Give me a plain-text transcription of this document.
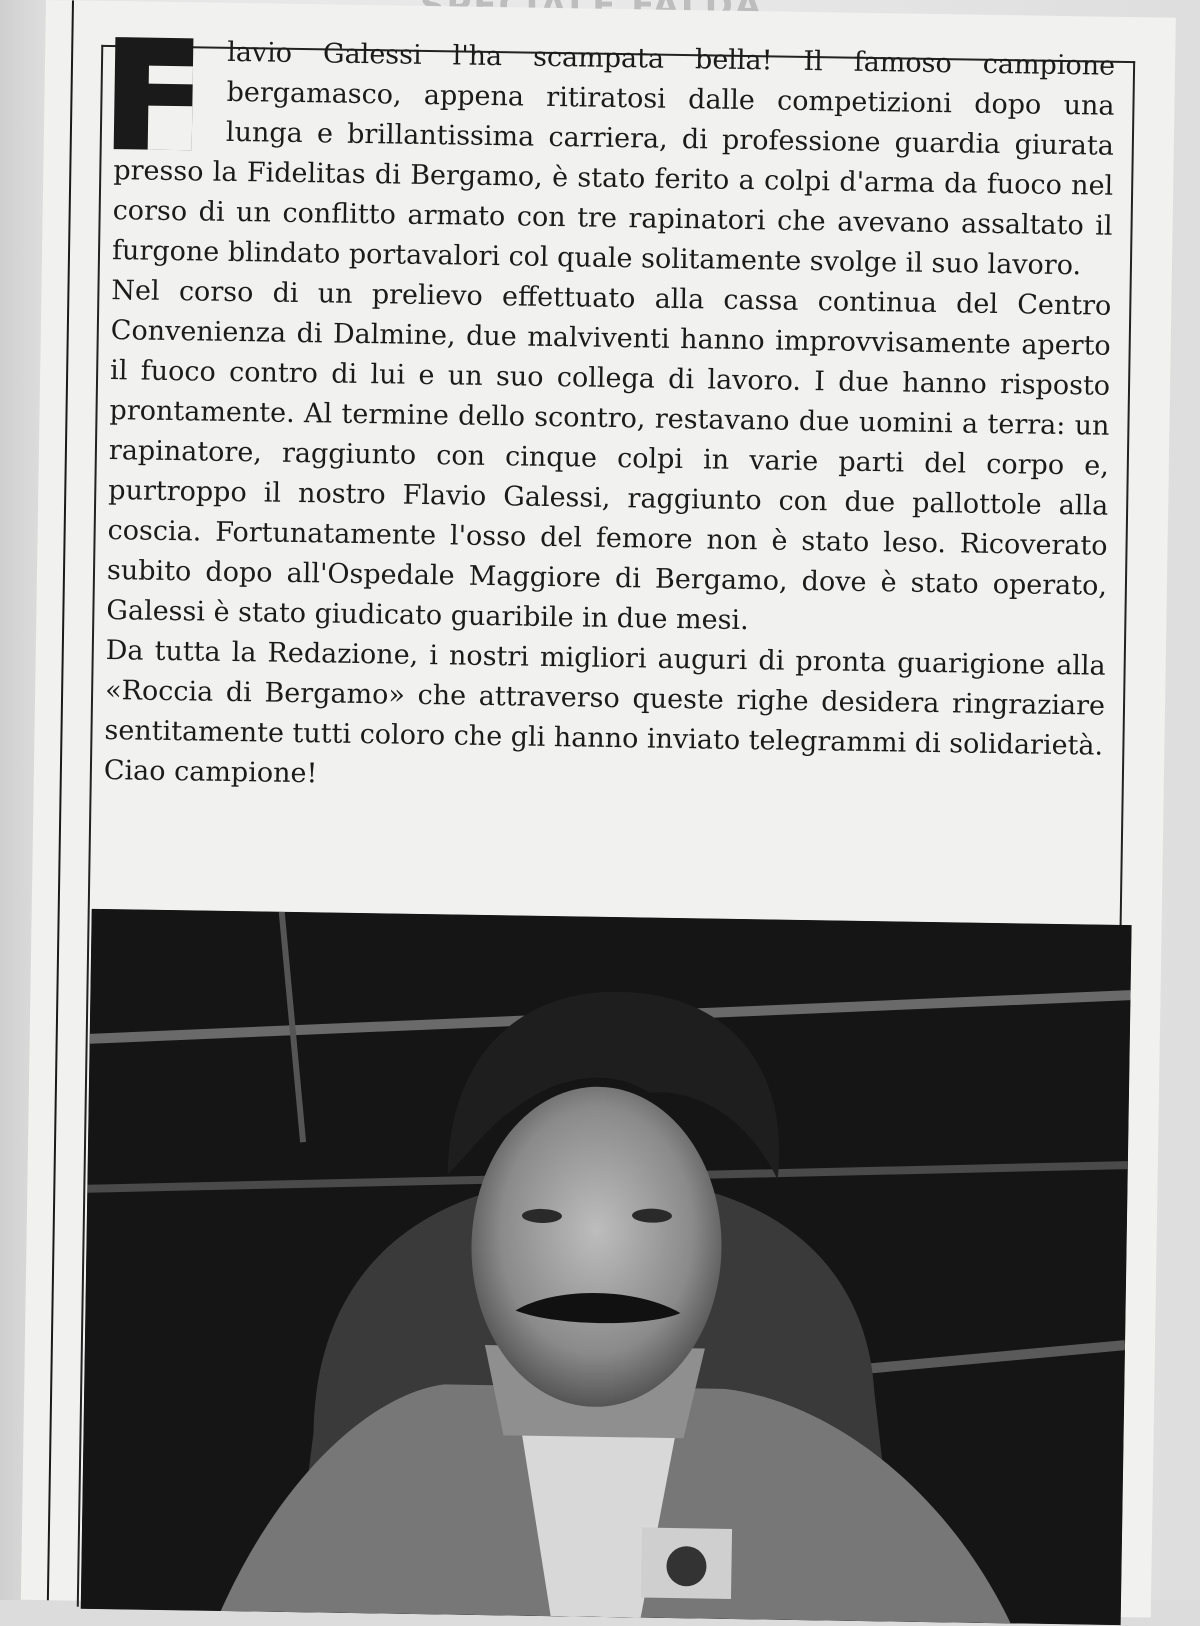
lavio Galessi l'ha scampata bella! Il famoso campione bergamasco, appena ritiratosi dalle competizioni dopo una lunga e brillantissima carriera, di professione guardia giurata presso la Fidelitas di Bergamo, è stato ferito a colpi d'arma da fuoco nel corso di un conflitto armato con tre rapinatori che avevano assaltato il furgone blindato portavalori col quale solitamente svolge il suo lavoro.

Nel corso di un prelievo effettuato alla cassa continua del Centro Convenienza di Dalmine, due malviventi hanno improvvisamente aperto il fuoco contro di lui e un suo collega di lavoro. I due hanno risposto prontamente. Al termine dello scontro, restavano due uomini a terra: un rapinatore, raggiunto con cinque colpi in varie parti del corpo e, purtroppo il nostro Flavio Galessi, raggiunto con due pallottole alla coscia. Fortunatamente l'osso del femore non è stato leso. Ricoverato subito dopo all'Ospedale Maggiore di Bergamo, dove è stato operato, Galessi è stato giudicato guaribile in due mesi.

Da tutta la Redazione, i nostri migliori auguri di pronta guarigione alla «Roccia di Bergamo» che attraverso queste righe desidera ringraziare sentitamente tutti coloro che gli hanno inviato telegrammi di solidarietà.

Ciao campione!
